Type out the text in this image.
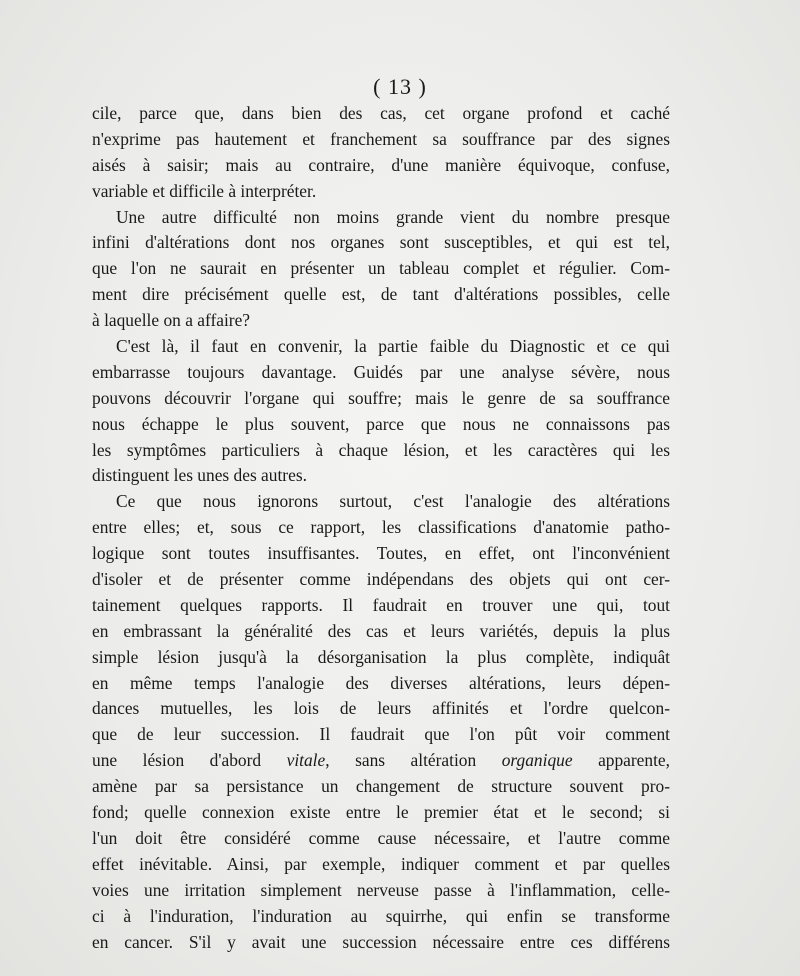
( 13 )
cile, parce que, dans bien des cas, cet organe profond et caché
n'exprime pas hautement et franchement sa souffrance par des signes
aisés à saisir; mais au contraire, d'une manière équivoque, confuse,
variable et difficile à interpréter.
Une autre difficulté non moins grande vient du nombre presque
infini d'altérations dont nos organes sont susceptibles, et qui est tel,
que l'on ne saurait en présenter un tableau complet et régulier. Com-
ment dire précisément quelle est, de tant d'altérations possibles, celle
à laquelle on a affaire?
C'est là, il faut en convenir, la partie faible du Diagnostic et ce qui
embarrasse toujours davantage. Guidés par une analyse sévère, nous
pouvons découvrir l'organe qui souffre; mais le genre de sa souffrance
nous échappe le plus souvent, parce que nous ne connaissons pas
les symptômes particuliers à chaque lésion, et les caractères qui les
distinguent les unes des autres.
Ce que nous ignorons surtout, c'est l'analogie des altérations
entre elles; et, sous ce rapport, les classifications d'anatomie patho-
logique sont toutes insuffisantes. Toutes, en effet, ont l'inconvénient
d'isoler et de présenter comme indépendans des objets qui ont cer-
tainement quelques rapports. Il faudrait en trouver une qui, tout
en embrassant la généralité des cas et leurs variétés, depuis la plus
simple lésion jusqu'à la désorganisation la plus complète, indiquât
en même temps l'analogie des diverses altérations, leurs dépen-
dances mutuelles, les lois de leurs affinités et l'ordre quelcon-
que de leur succession. Il faudrait que l'on pût voir comment
une lésion d'abord vitale, sans altération organique apparente,
amène par sa persistance un changement de structure souvent pro-
fond; quelle connexion existe entre le premier état et le second; si
l'un doit être considéré comme cause nécessaire, et l'autre comme
effet inévitable. Ainsi, par exemple, indiquer comment et par quelles
voies une irritation simplement nerveuse passe à l'inflammation, celle-
ci à l'induration, l'induration au squirrhe, qui enfin se transforme
en cancer. S'il y avait une succession nécessaire entre ces différens
